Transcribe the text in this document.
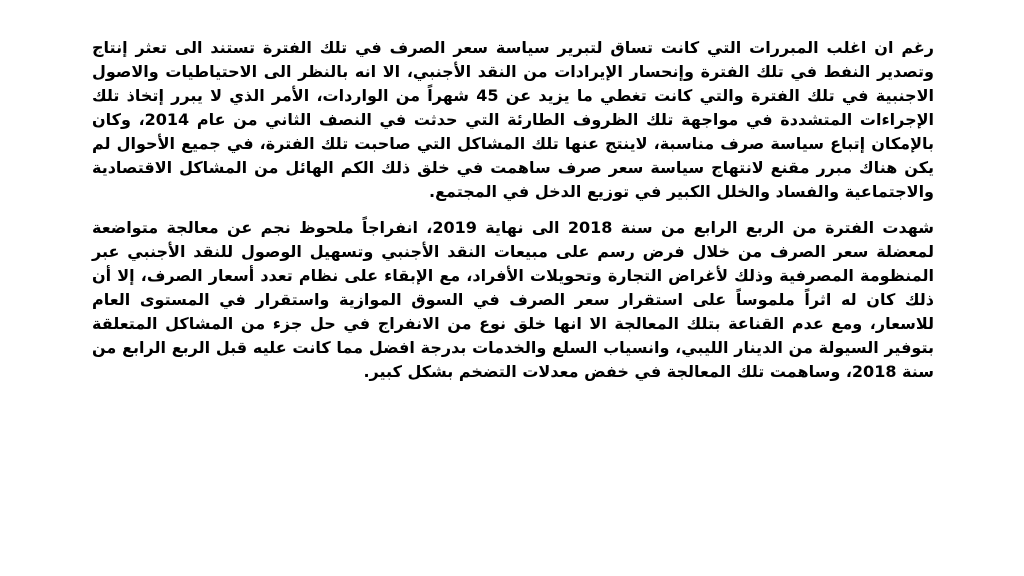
رغم ان اغلب المبررات التي كانت تساق لتبرير سياسة سعر الصرف في تلك الفترة تستند الى تعثر إنتاج وتصدير النفط في تلك الفترة وإنحسار الإيرادات من النقد الأجنبي، الا انه بالنظر الى الاحتياطيات والاصول الاجنبية في تلك الفترة والتي كانت تغطي ما يزيد عن 45 شهراً من الواردات، الأمر الذي لا يبرر إتخاذ تلك الإجراءات المتشددة في مواجهة تلك الظروف الطارئة التي حدثت في النصف الثاني من عام 2014، وكان بالإمكان إتباع سياسة صرف مناسبة، لاينتج عنها تلك المشاكل التي صاحبت تلك الفترة، في جميع الأحوال لم يكن هناك مبرر مقنع لانتهاج سياسة سعر صرف ساهمت في خلق ذلك الكم الهائل من المشاكل الاقتصادية والاجتماعية والفساد والخلل الكبير في توزيع الدخل في المجتمع.

شهدت الفترة من الربع الرابع من سنة 2018 الى نهاية 2019، انفراجاً ملحوظ نجم عن معالجة متواضعة لمعضلة سعر الصرف من خلال فرض رسم على مبيعات النقد الأجنبي وتسهيل الوصول للنقد الأجنبي عبر المنظومة المصرفية وذلك لأغراض التجارة وتحويلات الأفراد، مع الإبقاء على نظام تعدد أسعار الصرف، إلا أن ذلك كان له اثراً ملموساً على استقرار سعر الصرف في السوق الموازية واستقرار في المستوى العام للاسعار، ومع عدم القناعة بتلك المعالجة الا انها خلق نوع من الانفراج في حل جزء من المشاكل المتعلقة بتوفير السيولة من الدينار الليبي، وانسياب السلع والخدمات بدرجة افضل مما كانت عليه قبل الربع الرابع من سنة 2018، وساهمت تلك المعالجة في خفض معدلات التضخم بشكل كبير.
